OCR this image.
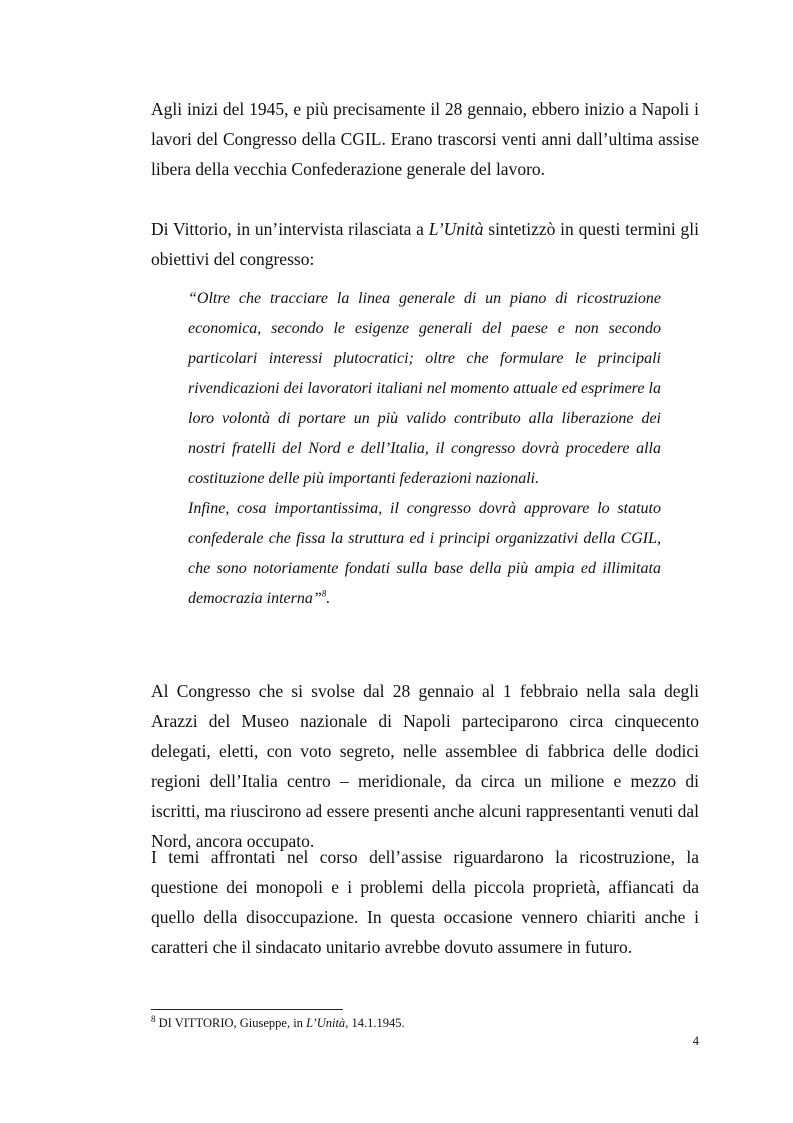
Agli inizi del 1945, e più precisamente il 28 gennaio, ebbero inizio a Napoli i lavori del Congresso della CGIL. Erano trascorsi venti anni dall’ultima assise libera della vecchia Confederazione generale del lavoro.

Di Vittorio, in un’intervista rilasciata a L’Unità sintetizzò in questi termini gli obiettivi del congresso:

“Oltre che tracciare la linea generale di un piano di ricostruzione economica, secondo le esigenze generali del paese e non secondo particolari interessi plutocratici; oltre che formulare le principali rivendicazioni dei lavoratori italiani nel momento attuale ed esprimere la loro volontà di portare un più valido contributo alla liberazione dei nostri fratelli del Nord e dell’Italia, il congresso dovrà procedere alla costituzione delle più importanti federazioni nazionali.

Infine, cosa importantissima, il congresso dovrà approvare lo statuto confederale che fissa la struttura ed i principi organizzativi della CGIL, che sono notoriamente fondati sulla base della più ampia ed illimitata democrazia interna”$^8$.

Al Congresso che si svolse dal 28 gennaio al 1 febbraio nella sala degli Arazzi del Museo nazionale di Napoli parteciparono circa cinquecento delegati, eletti, con voto segreto, nelle assemblee di fabbrica delle dodici regioni dell’Italia centro – meridionale, da circa un milione e mezzo di iscritti, ma riuscirono ad essere presenti anche alcuni rappresentanti venuti dal Nord, ancora occupato.

I temi affrontati nel corso dell’assise riguardarono la ricostruzione, la questione dei monopoli e i problemi della piccola proprietà, affiancati da quello della disoccupazione. In questa occasione vennero chiariti anche i caratteri che il sindacato unitario avrebbe dovuto assumere in futuro.

$^8$ DI VITTORIO, Giuseppe, in L’Unità, 14.1.1945.
4
